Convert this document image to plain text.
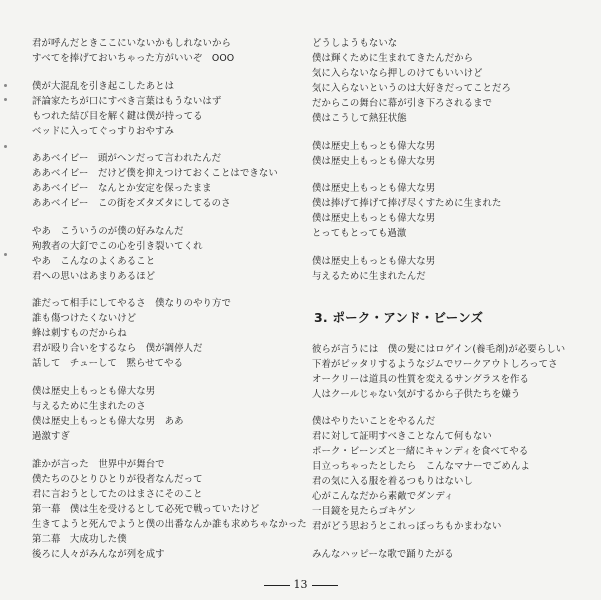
君が呼んだときここにいないかもしれないから
すべてを捧げておいちゃった方がいいぞ　OOO
僕が大混乱を引き起こしたあとは
評論家たちが口にすべき言葉はもうないはず
もつれた結び目を解く鍵は僕が持ってる
ベッドに入ってぐっすりおやすみ
ああベイビー　頭がヘンだって言われたんだ
ああベイビー　だけど僕を抑えつけておくことはできない
ああベイビー　なんとか安定を保ったまま
ああベイビー　この街をズタズタにしてるのさ
やあ　こういうのが僕の好みなんだ
殉教者の大釘でこの心を引き裂いてくれ
やあ　こんなのよくあること
君への思いはあまりあるほど
誰だって相手にしてやるさ　僕なりのやり方で
誰も傷つけたくないけど
蜂は刺すものだからね
君が殴り合いをするなら　僕が調停人だ
話して　チューして　黙らせてやる
僕は歴史上もっとも偉大な男
与えるために生まれたのさ
僕は歴史上もっとも偉大な男　ああ
過激すぎ
誰かが言った　世界中が舞台で
僕たちのひとりひとりが役者なんだって
君に言おうとしてたのはまさにそのこと
第一幕　僕は生を受けるとして必死で戦っていたけど
生きてようと死んでようと僕の出番なんか誰も求めちゃなかった
第二幕　大成功した僕
後ろに人々がみんなが列を成す
どうしようもないな
僕は輝くために生まれてきたんだから
気に入らないなら押しのけてもいいけど
気に入らないというのは大好きだってことだろ
だからこの舞台に幕が引き下ろされるまで
僕はこうして熱狂状態
僕は歴史上もっとも偉大な男
僕は歴史上もっとも偉大な男
僕は歴史上もっとも偉大な男
僕は捧げて捧げて捧げ尽くすために生まれた
僕は歴史上もっとも偉大な男
とってもとっても過激
僕は歴史上もっとも偉大な男
与えるために生まれたんだ
3. ポーク・アンド・ビーンズ
彼らが言うには　僕の髪にはロゲイン(養毛剤)が必要らしい
下着がピッタリするようなジムでワークアウトしろってさ
オークリーは道具の性質を変えるサングラスを作る
人はクールじゃない気がするから子供たちを嫌う
僕はやりたいことをやるんだ
君に対して証明すべきことなんて何もない
ポーク・ビーンズと一緒にキャンディを食べてやる
目立っちゃったとしたら　こんなマナーでごめんよ
君の気に入る服を着るつもりはないし
心がこんなだから素敵でダンディ
一目鏡を見たらゴキゲン
君がどう思おうとこれっぽっちもかまわない
みんなハッピーな歌で踊りたがる
13
